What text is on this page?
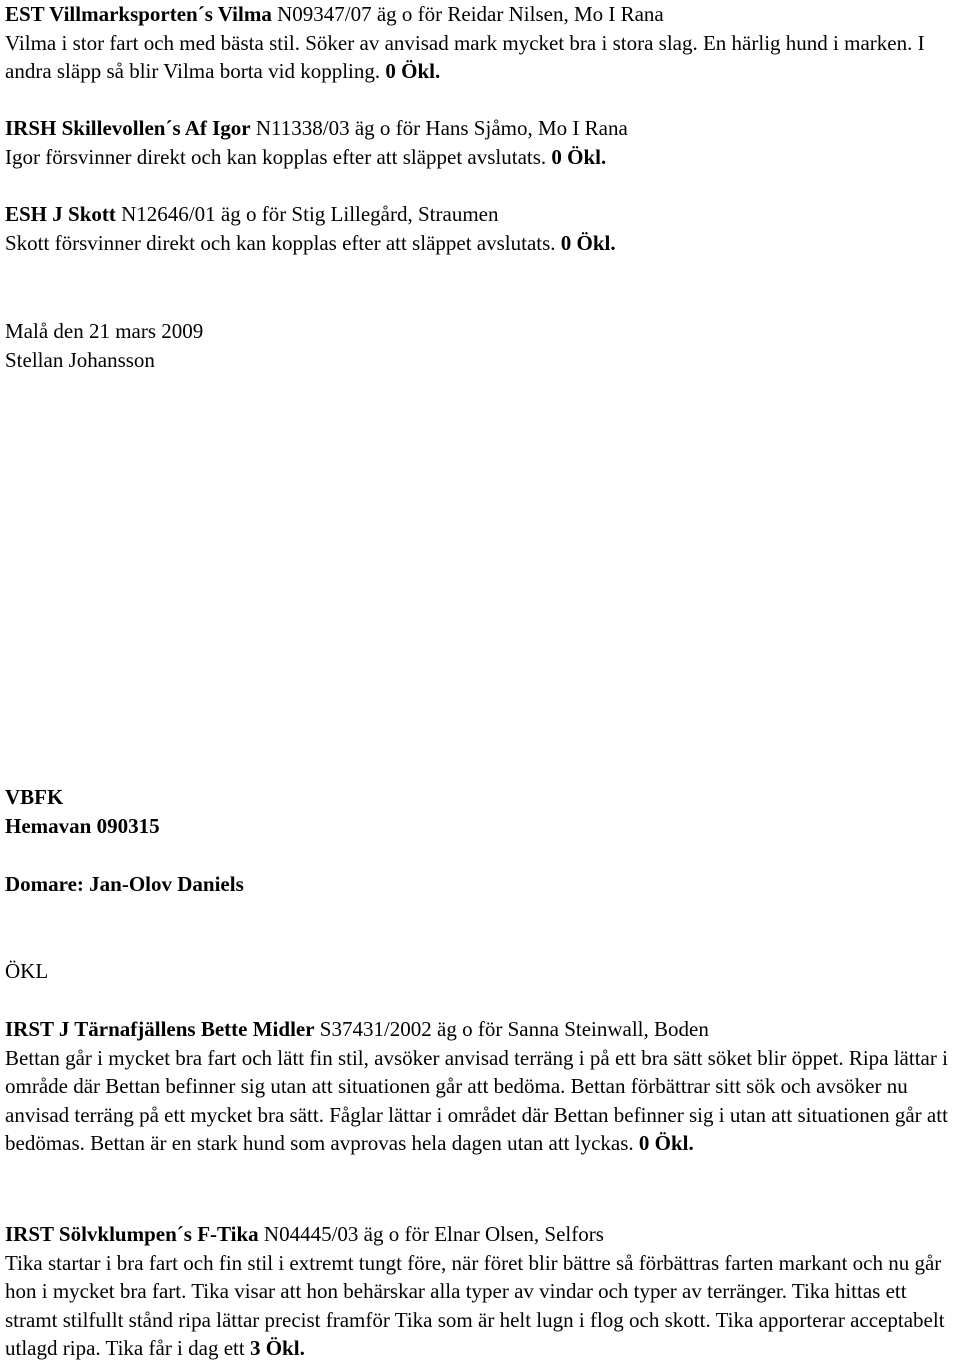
EST Villmarksporten´s Vilma N09347/07 äg o för Reidar Nilsen, Mo I Rana

Vilma i stor fart och med bästa stil. Söker av anvisad mark mycket bra i stora slag. En härlig hund i marken. I andra släpp så blir Vilma borta vid koppling. 0 Ökl.

IRSH Skillevollen´s Af Igor N11338/03 äg o för Hans Sjåmo, Mo I Rana

Igor försvinner direkt och kan kopplas efter att släppet avslutats. 0 Ökl.

ESH J Skott N12646/01 äg o för Stig Lillegård, Straumen

Skott försvinner direkt och kan kopplas efter att släppet avslutats. 0 Ökl.

Malå den 21 mars 2009

Stellan Johansson

VBFK

Hemavan 090315

Domare: Jan-Olov Daniels

ÖKL

IRST J Tärnafjällens Bette Midler S37431/2002 äg o för Sanna Steinwall, Boden

Bettan går i mycket bra fart och lätt fin stil, avsöker anvisad terräng i på ett bra sätt söket blir öppet. Ripa lättar i område där Bettan befinner sig utan att situationen går att bedöma. Bettan förbättrar sitt sök och avsöker nu anvisad terräng på ett mycket bra sätt. Fåglar lättar i området där Bettan befinner sig i utan att situationen går att bedömas. Bettan är en stark hund som avprovas hela dagen utan att lyckas. 0 Ökl.

IRST Sölvklumpen´s F-Tika N04445/03 äg o för Elnar Olsen, Selfors

Tika startar i bra fart och fin stil i extremt tungt före, när föret blir bättre så förbättras farten markant och nu går hon i mycket bra fart. Tika visar att hon behärskar alla typer av vindar och typer av terränger. Tika hittas ett stramt stilfullt stånd ripa lättar precist framför Tika som är helt lugn i flog och skott. Tika apporterar acceptabelt utlagd ripa. Tika får i dag ett 3 Ökl.
